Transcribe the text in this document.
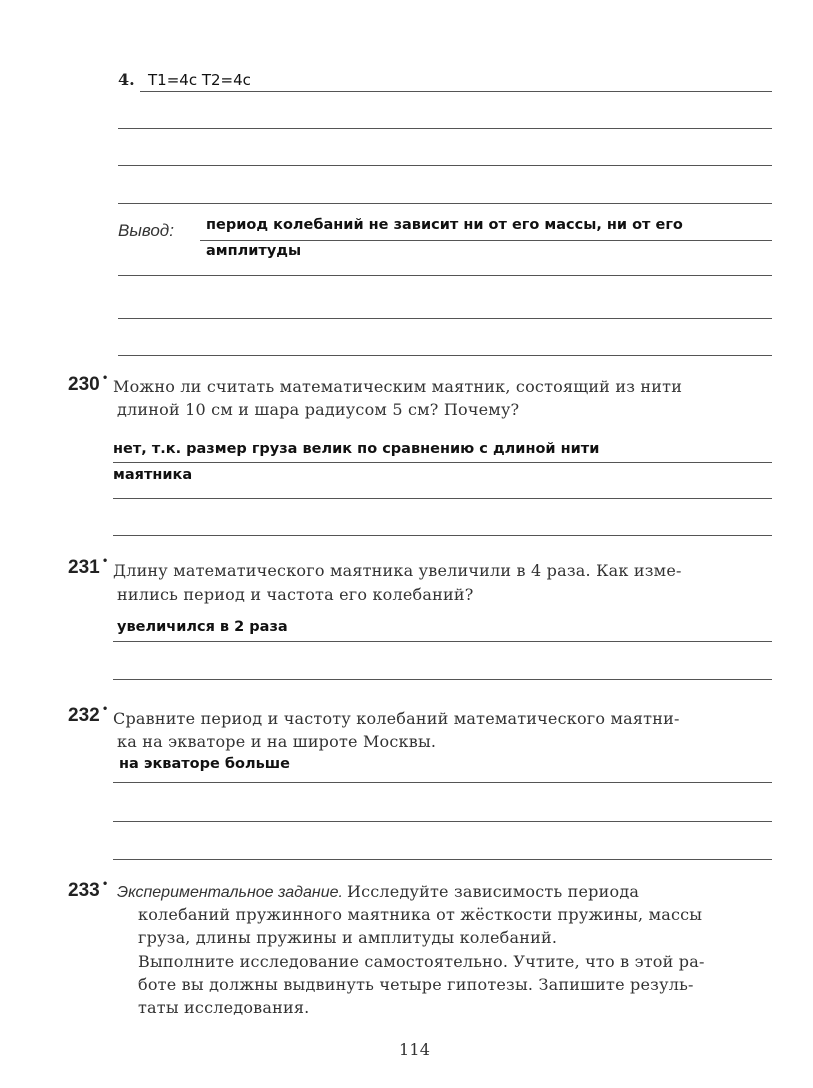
4. T1=4c T2=4c
Вывод: период колебаний не зависит ни от его массы, ни от его
амплитуды
230 • Можно ли считать математическим маятник, состоящий из нити
длиной 10 см и шара радиусом 5 см? Почему?
нет, т.к. размер груза велик по сравнению с длиной нити
маятника
231 •
Длину математического маятника увеличили в 4 раза. Как изме-
нились период и частота его колебаний?
увеличился в 2 раза
232 •
Сравните период и частоту колебаний математического маятни-
ка на экваторе и на широте Москвы.
на экваторе больше
233 •
Экспериментальное задание. Исследуйте зависимость периода
колебаний пружинного маятника от жёсткости пружины, массы
груза, длины пружины и амплитуды колебаний.
Выполните исследование самостоятельно. Учтите, что в этой ра-
боте вы должны выдвинуть четыре гипотезы. Запишите резуль-
таты исследования.
114
